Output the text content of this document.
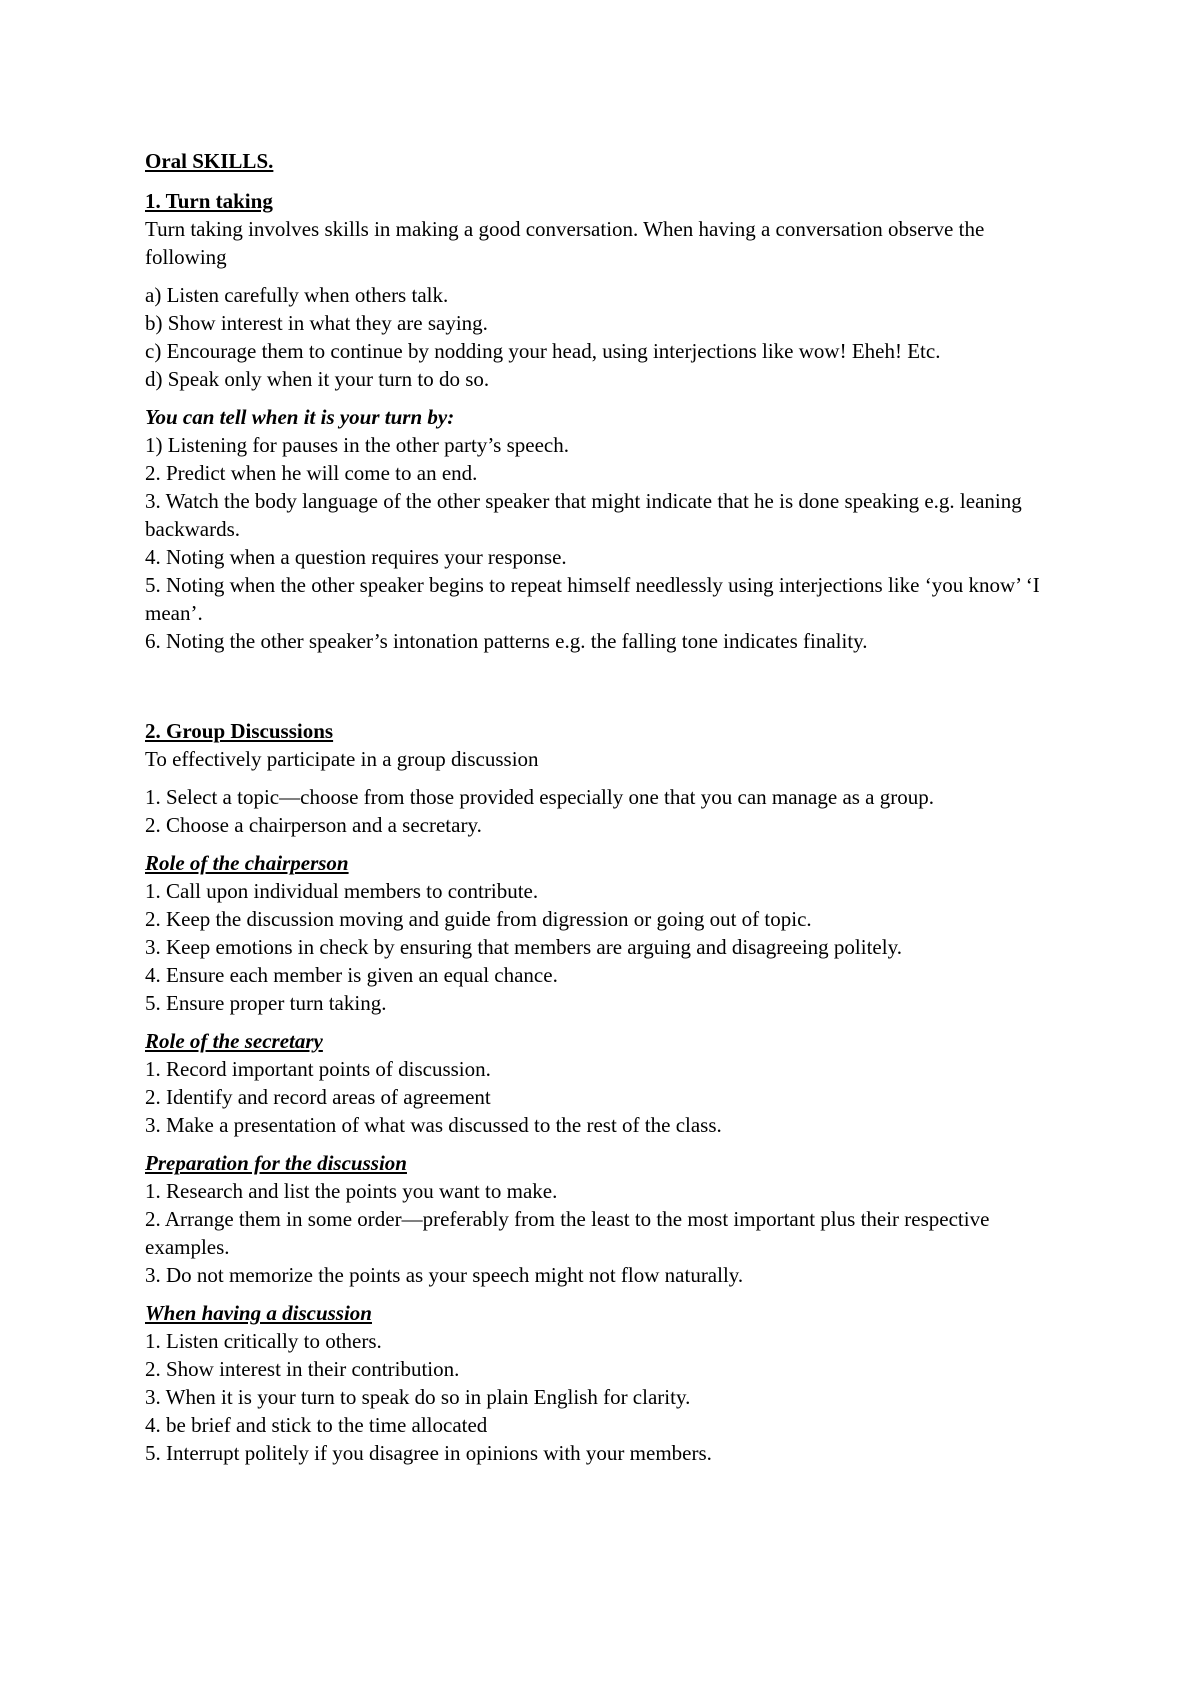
Oral SKILLS.
1. Turn taking

Turn taking involves skills in making a good conversation. When having a conversation observe the following

a) Listen carefully when others talk.
b) Show interest in what they are saying.
c) Encourage them to continue by nodding your head, using interjections like wow! Eheh! Etc.
d) Speak only when it your turn to do so.
You can tell when it is your turn by:
1) Listening for pauses in the other party’s speech.
2. Predict when he will come to an end.
3. Watch the body language of the other speaker that might indicate that he is done speaking e.g. leaning backwards.
4. Noting when a question requires your response.
5. Noting when the other speaker begins to repeat himself needlessly using interjections like ‘you know’ ‘I mean’.
6. Noting the other speaker’s intonation patterns e.g. the falling tone indicates finality.
2. Group Discussions

To effectively participate in a group discussion

1. Select a topic—choose from those provided especially one that you can manage as a group.
2. Choose a chairperson and a secretary.
Role of the chairperson
1. Call upon individual members to contribute.
2. Keep the discussion moving and guide from digression or going out of topic.
3. Keep emotions in check by ensuring that members are arguing and disagreeing politely.
4. Ensure each member is given an equal chance.
5. Ensure proper turn taking.
Role of the secretary
1. Record important points of discussion.
2. Identify and record areas of agreement
3. Make a presentation of what was discussed to the rest of the class.
Preparation for the discussion
1. Research and list the points you want to make.
2. Arrange them in some order—preferably from the least to the most important plus their respective examples.
3. Do not memorize the points as your speech might not flow naturally.
When having a discussion
1. Listen critically to others.
2. Show interest in their contribution.
3. When it is your turn to speak do so in plain English for clarity.
4. be brief and stick to the time allocated
5. Interrupt politely if you disagree in opinions with your members.
